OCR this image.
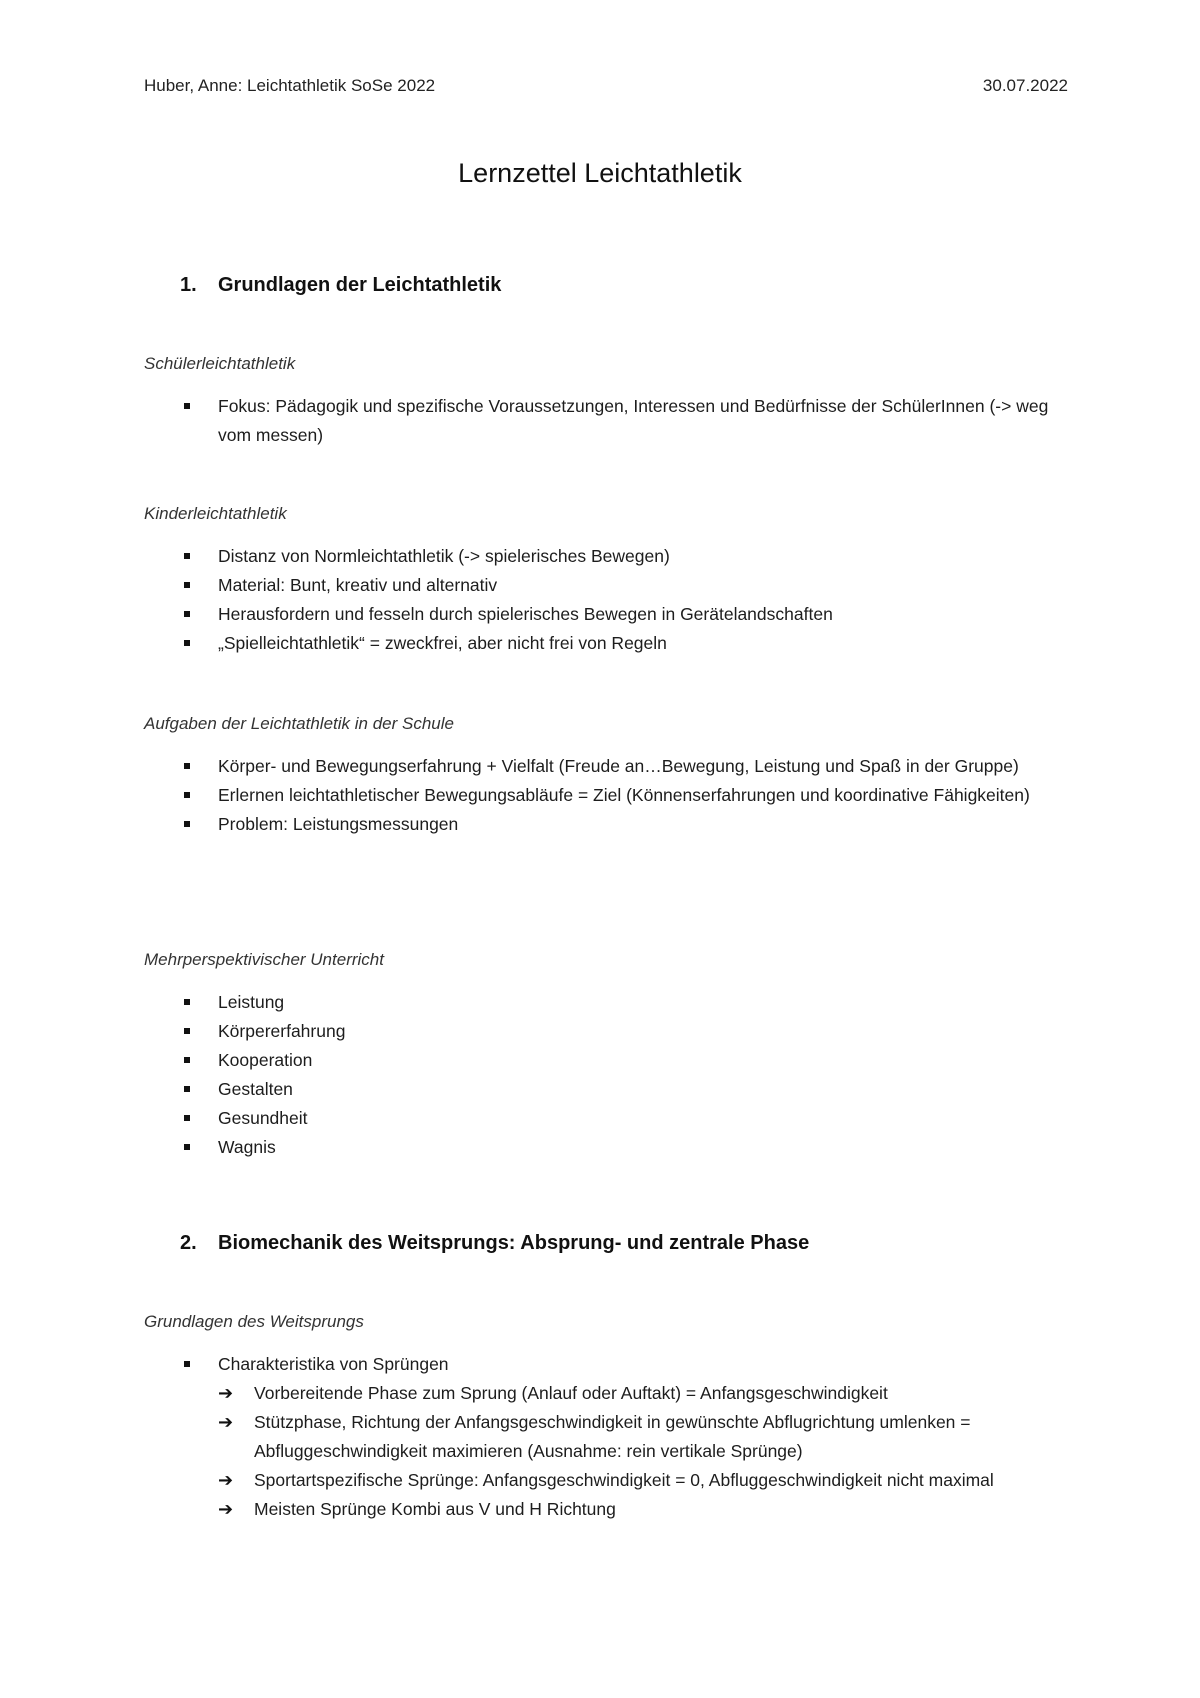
Huber, Anne: Leichtathletik SoSe 2022	30.07.2022
Lernzettel Leichtathletik
1. Grundlagen der Leichtathletik
Schülerleichtathletik
Fokus: Pädagogik und spezifische Voraussetzungen, Interessen und Bedürfnisse der SchülerInnen (-> weg vom messen)
Kinderleichtathletik
Distanz von Normleichtathletik (-> spielerisches Bewegen)
Material: Bunt, kreativ und alternativ
Herausfordern und fesseln durch spielerisches Bewegen in Gerätelandschaften
„Spielleichtathletik“ = zweckfrei, aber nicht frei von Regeln
Aufgaben der Leichtathletik in der Schule
Körper- und Bewegungserfahrung + Vielfalt (Freude an…Bewegung, Leistung und Spaß in der Gruppe)
Erlernen leichtathletischer Bewegungsabläufe = Ziel (Könnenserfahrungen und koordinative Fähigkeiten)
Problem: Leistungsmessungen
Mehrperspektivischer Unterricht
Leistung
Körpererfahrung
Kooperation
Gestalten
Gesundheit
Wagnis
2. Biomechanik des Weitsprungs: Absprung- und zentrale Phase
Grundlagen des Weitsprungs
Charakteristika von Sprüngen
➔ Vorbereitende Phase zum Sprung (Anlauf oder Auftakt) = Anfangsgeschwindigkeit
➔ Stützphase, Richtung der Anfangsgeschwindigkeit in gewünschte Abflugrichtung umlenken = Abfluggeschwindigkeit maximieren (Ausnahme: rein vertikale Sprünge)
➔ Sportartspezifische Sprünge: Anfangsgeschwindigkeit = 0, Abfluggeschwindigkeit nicht maximal
➔ Meisten Sprünge Kombi aus V und H Richtung
